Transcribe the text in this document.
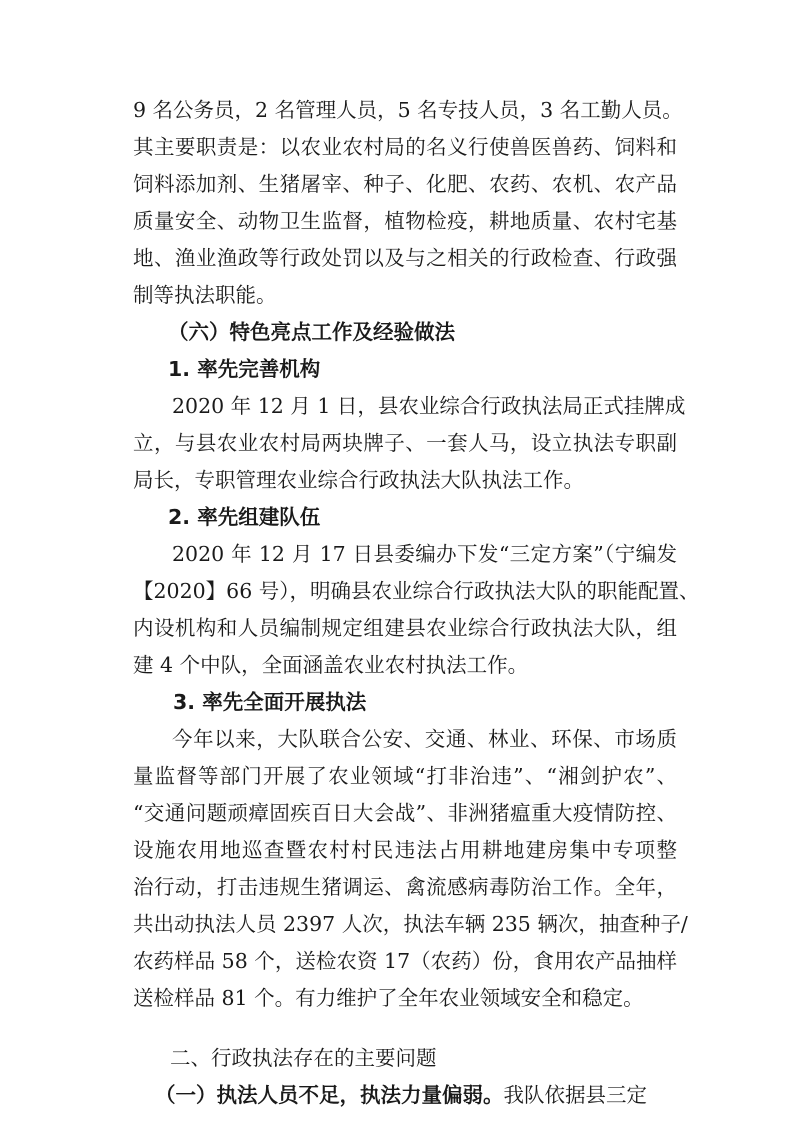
9 名公务员，2 名管理人员，5 名专技人员，3 名工勤人员。
其主要职责是：以农业农村局的名义行使兽医兽药、饲料和
饲料添加剂、生猪屠宰、种子、化肥、农药、农机、农产品
质量安全、动物卫生监督，植物检疫，耕地质量、农村宅基
地、渔业渔政等行政处罚以及与之相关的行政检查、行政强
制等执法职能。
（六）特色亮点工作及经验做法
1. 率先完善机构
2020 年 12 月 1 日，县农业综合行政执法局正式挂牌成
立，与县农业农村局两块牌子、一套人马，设立执法专职副
局长，专职管理农业综合行政执法大队执法工作。
2. 率先组建队伍
2020 年 12 月 17 日县委编办下发“三定方案”（宁编发
【2020】66 号），明确县农业综合行政执法大队的职能配置、
内设机构和人员编制规定组建县农业综合行政执法大队，组
建 4 个中队，全面涵盖农业农村执法工作。
3. 率先全面开展执法
今年以来，大队联合公安、交通、林业、环保、市场质
量监督等部门开展了农业领域“打非治违”、“湘剑护农”、
“交通问题顽瘴固疾百日大会战”、非洲猪瘟重大疫情防控、
设施农用地巡查暨农村村民违法占用耕地建房集中专项整
治行动，打击违规生猪调运、禽流感病毒防治工作。全年，
共出动执法人员 2397 人次，执法车辆 235 辆次，抽查种子/
农药样品 58 个，送检农资 17（农药）份，食用农产品抽样
送检样品 81 个。有力维护了全年农业领域安全和稳定。
二、行政执法存在的主要问题
（一）执法人员不足，执法力量偏弱。我队依据县三定
